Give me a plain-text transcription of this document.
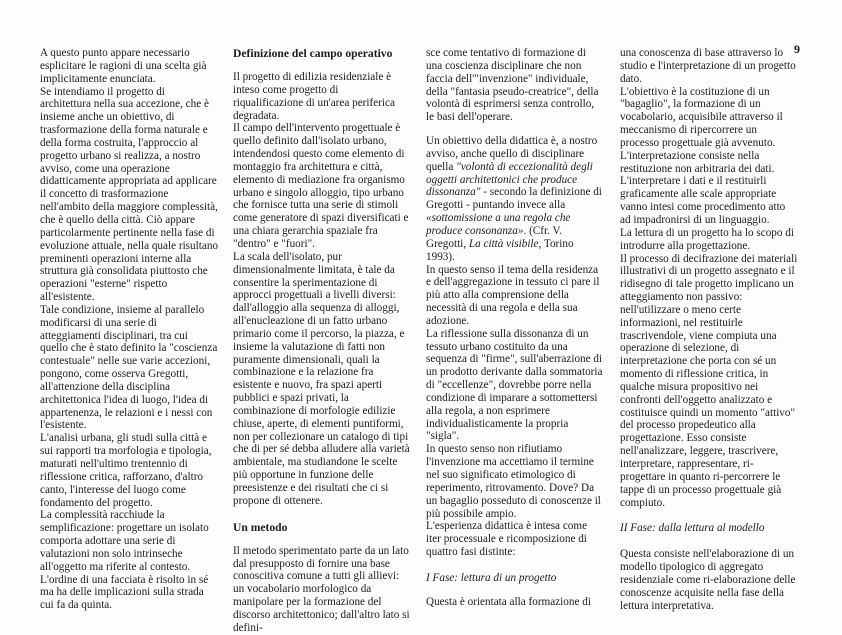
9

A questo punto appare necessario esplicitare le ragioni di una scelta già implicitamente enunciata.

Se intendiamo il progetto di architettura nella sua accezione, che è insieme anche un obiettivo, di trasformazione della forma naturale e della forma costruita, l'approccio al progetto urbano si realizza, a nostro avviso, come una operazione didatticamente appropriata ad applicare il concetto di trasformazione nell'ambito della maggiore complessità, che è quello della città. Ciò appare particolarmente pertinente nella fase di evoluzione attuale, nella quale risultano preminenti operazioni interne alla struttura già consolidata piuttosto che operazioni "esterne" rispetto all'esistente.

Tale condizione, insieme al parallelo modificarsi di una serie di atteggiamenti disciplinari, tra cui quello che è stato definito la "coscienza contestuale" nelle sue varie accezioni, pongono, come osserva Gregotti, all'attenzione della disciplina architettonica l'idea di luogo, l'idea di appartenenza, le relazioni e i nessi con l'esistente.

L'analisi urbana, gli studi sulla città e sui rapporti tra morfologia e tipologia, maturati nell'ultimo trentennio di riflessione critica, rafforzano, d'altro canto, l'interesse del luogo come fondamento del progetto.

La complessità racchiude la semplificazione: progettare un isolato comporta adottare una serie di valutazioni non solo intrinseche all'oggetto ma riferite al contesto. L'ordine di una facciata è risolto in sé ma ha delle implicazioni sulla strada cui fa da quinta.

Definizione del campo operativo

Il progetto di edilizia residenziale è inteso come progetto di riqualificazione di un'area periferica degradata.

Il campo dell'intervento progettuale è quello definito dall'isolato urbano, intendendosi questo come elemento di montaggio fra architettura e città, elemento di mediazione fra organismo urbano e singolo alloggio, tipo urbano che fornisce tutta una serie di stimoli come generatore di spazi diversificati e una chiara gerarchia spaziale fra "dentro" e "fuori".

La scala dell'isolato, pur dimensionalmente limitata, è tale da consentire la sperimentazione di approcci progettuali a livelli diversi: dall'alloggio alla sequenza di alloggi, all'enucleazione di un fatto urbano primario come il percorso, la piazza, e insieme la valutazione di fatti non puramente dimensionali, quali la combinazione e la relazione fra esistente e nuovo, fra spazi aperti pubblici e spazi privati, la combinazione di morfologie edilizie chiuse, aperte, di elementi puntiformi, non per collezionare un catalogo di tipi che di per sé debba alludere alla varietà ambientale, ma studiandone le scelte più opportune in funzione delle preesistenze e dei risultati che ci si propone di ottenere.

Un metodo

Il metodo sperimentato parte da un lato dal presupposto di fornire una base conoscitiva comune a tutti gli allievi: un vocabolario morfologico da manipolare per la formazione del discorso architettonico; dall'altro lato si defini-

sce come tentativo di formazione di una coscienza disciplinare che non faccia dell'"invenzione" individuale, della "fantasia pseudo-creatrice", della volontà di esprimersi senza controllo, le basi dell'operare.

Un obiettivo della didattica è, a nostro avviso, anche quello di disciplinare quella "volontà di eccezionalità degli oggetti architettonici che produce dissonanza" - secondo la definizione di Gregotti - puntando invece alla «sottomissione a una regola che produce consonanza». (Cfr. V. Gregotti, La città visibile, Torino 1993).

In questo senso il tema della residenza e dell'aggregazione in tessuto ci pare il più atto alla comprensione della necessità di una regola e della sua adozione.

La riflessione sulla dissonanza di un tessuto urbano costituito da una sequenza di "firme", sull'aberrazione di un prodotto derivante dalla sommatoria di "eccellenze", dovrebbe porre nella condizione di imparare a sottomettersi alla regola, a non esprimere individualisticamente la propria "sigla".

In questo senso non rifiutiamo l'invenzione ma accettiamo il termine nel suo significato etimologico di reperimento, ritrovamento. Dove? Da un bagaglio posseduto di conoscenze il più possibile ampio.

L'esperienza didattica è intesa come iter processuale e ricomposizione di quattro fasi distinte:

I Fase: lettura di un progetto

Questa è orientata alla formazione di

una conoscenza di base attraverso lo studio e l'interpretazione di un progetto dato.

L'obiettivo è la costituzione di un "bagaglio", la formazione di un vocabolario, acquisibile attraverso il meccanismo di ripercorrere un processo progettuale già avvenuto.

L'interpretazione consiste nella restituzione non arbitraria dei dati. L'interpretare i dati e il restituirli graficamente alle scale appropriate vanno intesi come procedimento atto ad impadronirsi di un linguaggio.

La lettura di un progetto ha lo scopo di introdurre alla progettazione.

Il processo di decifrazione dei materiali illustrativi di un progetto assegnato e il ridisegno di tale progetto implicano un atteggiamento non passivo: nell'utilizzare o meno certe informazioni, nel restituirle trascrivendole, viene compiuta una operazione di selezione, di interpretazione che porta con sé un momento di riflessione critica, in qualche misura propositivo nei confronti dell'oggetto analizzato e costituisce quindi un momento "attivo" del processo propedeutico alla progettazione. Esso consiste nell'analizzare, leggere, trascrivere, interpretare, rappresentare, ri-progettare in quanto ri-percorrere le tappe di un processo progettuale già compiuto.

II Fase: dalla lettura al modello

Questa consiste nell'elaborazione di un modello tipologico di aggregato residenziale come ri-elaborazione delle conoscenze acquisite nella fase della lettura interpretativa.
